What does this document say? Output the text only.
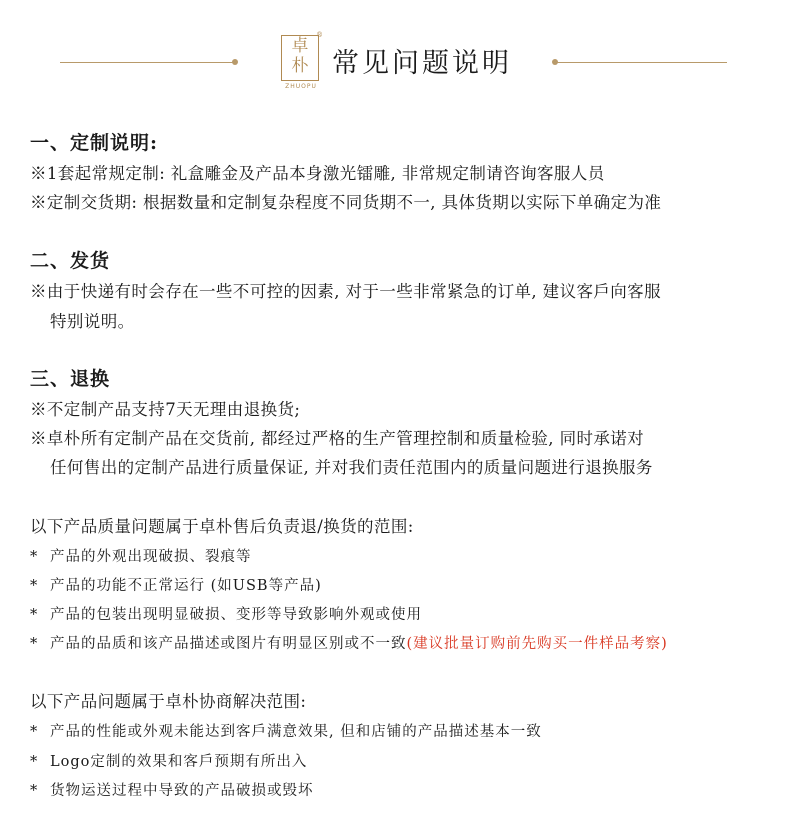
卓
朴
®
ZHUOPU
常见问题说明
一、定制说明:
※1套起常规定制: 礼盒雕金及产品本身激光镭雕, 非常规定制请咨询客服人员
※定制交货期: 根据数量和定制复杂程度不同货期不一, 具体货期以实际下单确定为准
二、发货
※由于快递有时会存在一些不可控的因素, 对于一些非常紧急的订单, 建议客戶向客服
特别说明。
三、退换
※不定制产品支持7天无理由退换货;
※卓朴所有定制产品在交货前, 都经过严格的生产管理控制和质量检验, 同时承诺对
任何售出的定制产品进行质量保证, 并对我们责任范围内的质量问题进行退换服务
以下产品质量问题属于卓朴售后负责退/换货的范围:
* 产品的外观出现破损、裂痕等
* 产品的功能不正常运行 (如USB等产品)
* 产品的包装出现明显破损、变形等导致影响外观或使用
* 产品的品质和该产品描述或图片有明显区别或不一致(建议批量订购前先购买一件样品考察)
以下产品问题属于卓朴协商解决范围:
* 产品的性能或外观未能达到客戶满意效果, 但和店铺的产品描述基本一致
* Logo定制的效果和客戶预期有所出入
* 货物运送过程中导致的产品破损或毁坏
